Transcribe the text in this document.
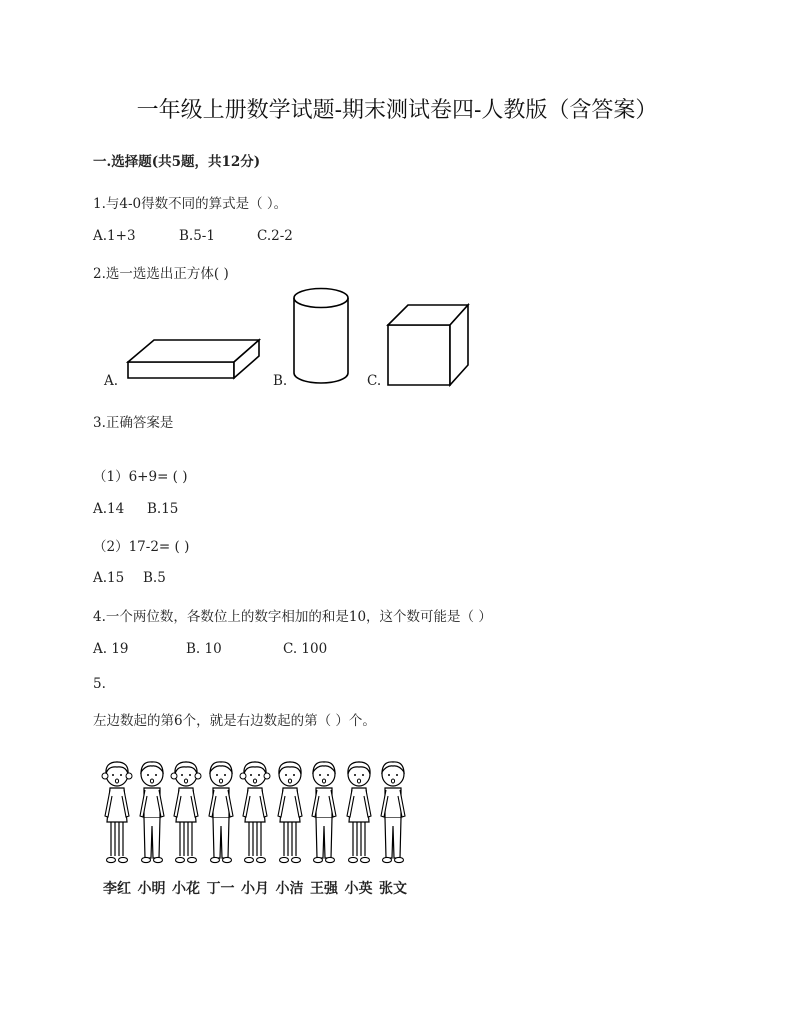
一年级上册数学试题-期末测试卷四-人教版（含答案）
一.选择题(共5题，共12分)
1.与4-0得数不同的算式是（ ）。
A.1+3	B.5-1	C.2-2
2.选一选选出正方体( )
A.	B.	C.
3.正确答案是
（1）6+9= ( )
A.14 B.15
（2）17-2= ( )
A.15 B.5
4.一个两位数，各数位上的数字相加的和是10，这个数可能是（ ）
A. 19	B. 10	C. 100
5.
左边数起的第6个，就是右边数起的第（ ）个。
李红 小明 小花 丁一 小月 小洁 王强 小英 张文
